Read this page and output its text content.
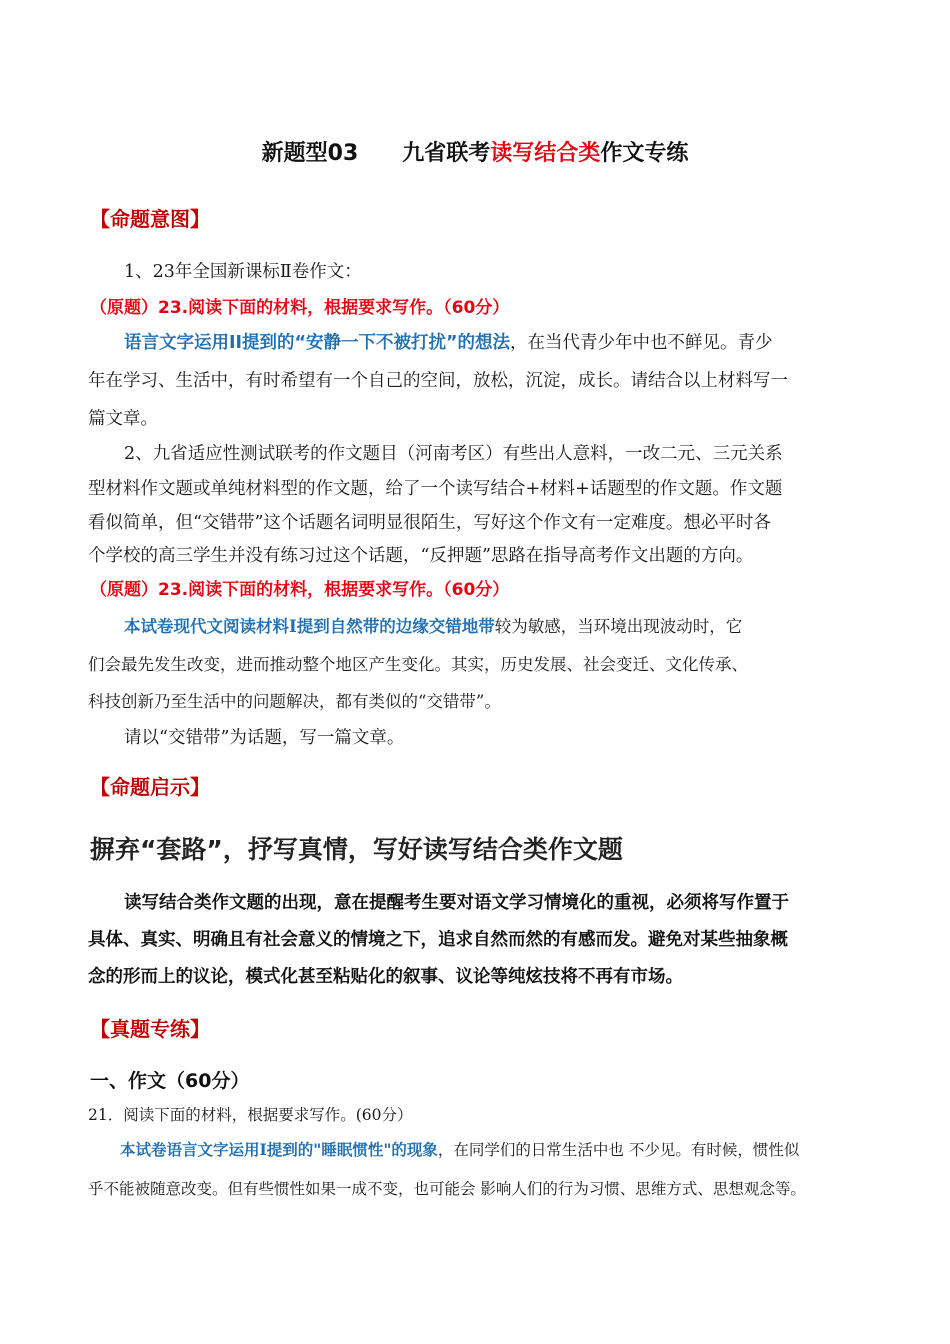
新题型03　　九省联考读写结合类作文专练
【命题意图】
1、23年全国新课标Ⅱ卷作文：
（原题）23.阅读下面的材料，根据要求写作。（60分）
语言文字运用II提到的“安静一下不被打扰”的想法，在当代青少年中也不鲜见。青少
年在学习、生活中，有时希望有一个自己的空间，放松，沉淀，成长。请结合以上材料写一
篇文章。
2、九省适应性测试联考的作文题目（河南考区）有些出人意料，一改二元、三元关系
型材料作文题或单纯材料型的作文题，给了一个读写结合+材料+话题型的作文题。作文题
看似简单，但“交错带”这个话题名词明显很陌生，写好这个作文有一定难度。想必平时各
个学校的高三学生并没有练习过这个话题，“反押题”思路在指导高考作文出题的方向。
（原题）23.阅读下面的材料，根据要求写作。（60分）
本试卷现代文阅读材料Ⅰ提到自然带的边缘交错地带较为敏感，当环境出现波动时，它
们会最先发生改变，进而推动整个地区产生变化。其实，历史发展、社会变迁、文化传承、
科技创新乃至生活中的问题解决，都有类似的“交错带”。
请以“交错带”为话题，写一篇文章。
【命题启示】
摒弃“套路”，抒写真情，写好读写结合类作文题
读写结合类作文题的出现，意在提醒考生要对语文学习情境化的重视，必须将写作置于
具体、真实、明确且有社会意义的情境之下，追求自然而然的有感而发。避免对某些抽象概
念的形而上的议论，模式化甚至粘贴化的叙事、议论等纯炫技将不再有市场。
【真题专练】
一、作文（60分）
21．阅读下面的材料，根据要求写作。(60分）
本试卷语言文字运用Ⅰ提到的"睡眠惯性"的现象，在同学们的日常生活中也 不少见。有时候，惯性似
乎不能被随意改变。但有些惯性如果一成不变，也可能会 影响人们的行为习惯、思维方式、思想观念等。
